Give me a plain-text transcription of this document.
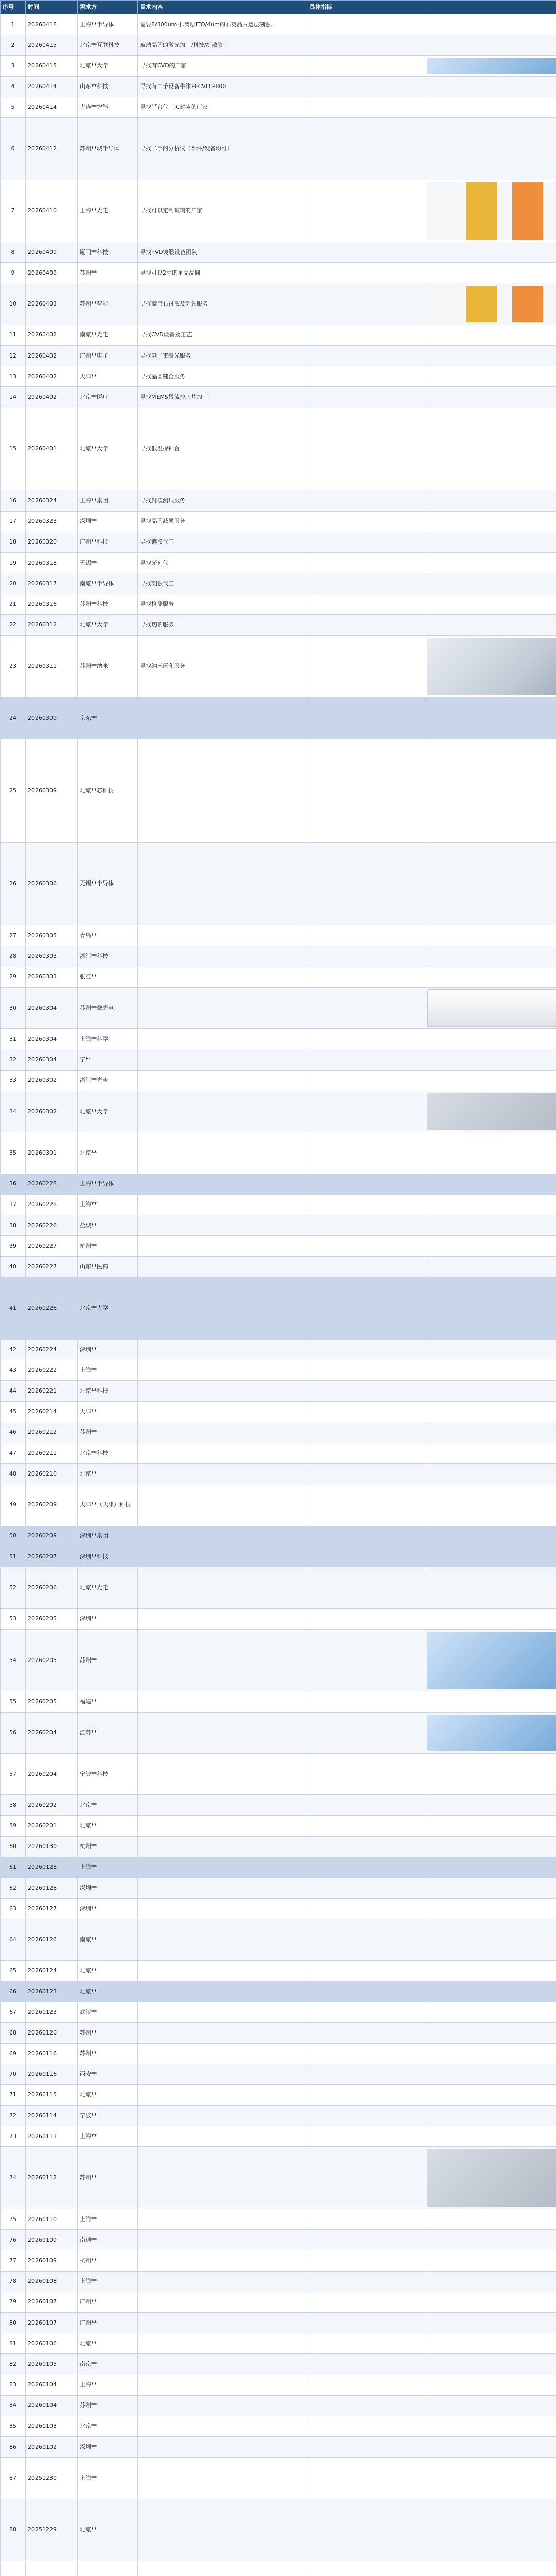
序号	时间	需求方	需求内容	具体指标	
1	20260418	上海**半导体	需要8/300um寸,离层ITO/4um的石英晶片透层刻蚀...		
2	20260415	北京**互联科技	玻璃晶圆的激光加工/科技/扩散验		
3	20260415	北京**大学	寻找有CVD的厂家		

4	20260414	山东**科技	寻找有二手设备牛津PECVD P800		
5	20260414	大连**智能	寻找平台代工IC封装的厂家		
6	20260412	苏州**城半导体	寻找二手的分析仪（部件/设备均可）		
7	20260410	上海**光电	寻找可以定制玻璃的厂家		

8	20260409	厦门**科技	寻找PVD镀膜设备团队		
9	20260409	苏州**	寻找可以2寸的单晶晶圆		
10	20260403	苏州**智能	寻找蓝宝石衬底及刻蚀服务		

11	20260402	南京**光电	寻找CVD设备及工艺		
12	20260402	广州**电子	寻找电子束曝光服务		
13	20260402	天津**	寻找晶圆键合服务		
14	20260402	北京**医疗	寻找MEMS微流控芯片加工		
15	20260401	北京**大学	寻找低温探针台		
16	20260324	上海**集团	寻找封装测试服务		
17	20260323	深圳**	寻找晶圆减薄服务		
18	20260320	广州**科技	寻找镀膜代工		
19	20260318	无锡**	寻找光刻代工		
20	20260317	南京**半导体	寻找刻蚀代工		
21	20260316	苏州**科技	寻找检测服务		
22	20260312	北京**大学	寻找切割服务		
23	20260311	苏州**纳米	寻找纳米压印服务		

24	20260309	京东**			
25	20260309	北京**芯科技			
26	20260306	无锡**半导体			
27	20260305	青岛**			
28	20260303	浙江**科技			
29	20260303	张江**			
30	20260304	苏州**微光电			

31	20260304	上海**科学			
32	20260304	宁**			
33	20260302	浙江**光电			
34	20260302	北京**大学			

35	20260301	北京**			
36	20260228	上海**半导体			
37	20260228	上海**			
38	20260226	盐城**			
39	20260227	杭州**			
40	20260227	山东**医药			
41	20260226	北京**大学			
42	20260224	深圳**			
43	20260222	上海**			
44	20260221	北京**科技			
45	20260214	天津**			
46	20260212	苏州**			
47	20260211	北京**科技			
48	20260210	北京**			
49	20260209	天津**（天津）科技			
50	20260209	深圳**集团			
51	20260207	深圳**科技			
52	20260206	北京**光电			
53	20260205	深圳**			
54	20260205	苏州**			

55	20260205	福建**			
56	20260204	江苏**			

57	20260204	宁波**科技			
58	20260202	北京**			
59	20260201	北京**			
60	20260130	杭州**			
61	20260128	上海**			
62	20260128	深圳**			
63	20260127	深圳**			
64	20260126	南京**			
65	20260124	北京**			
66	20260123	北京**			
67	20260123	武汉**			
68	20260120	苏州**			
69	20260116	苏州**			
70	20260116	西安**			
71	20260115	北京**			
72	20260114	宁波**			
73	20260113	上海**			
74	20260112	苏州**			

75	20260110	上海**			
76	20260109	南通**			
77	20260109	杭州**			
78	20260108	上海**			
79	20260107	广州**			
80	20260107	广州**			
81	20260106	北京**			
82	20260105	南京**			
83	20260104	上海**			
84	20260104	苏州**			
85	20260103	北京**			
86	20260102	深圳**			
87	20251230	上海**			
88	20251229	北京**			
